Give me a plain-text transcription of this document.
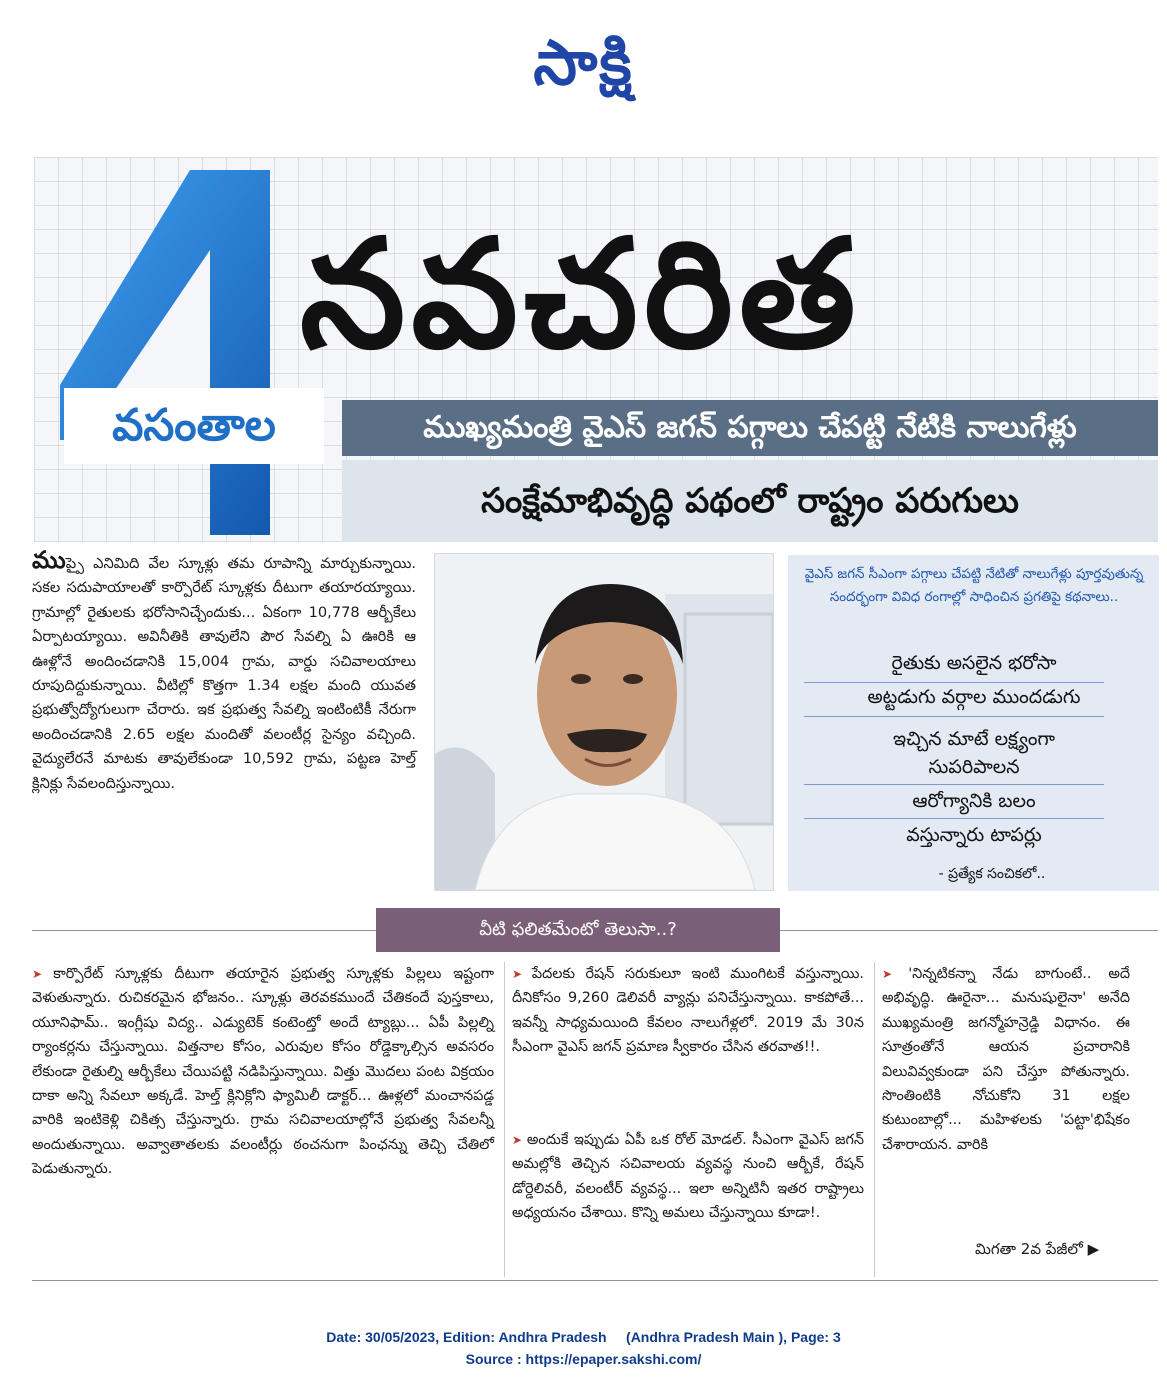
సాక్షి
వసంతాల
నవచరిత
ముఖ్యమంత్రి వైఎస్ జగన్ పగ్గాలు చేపట్టి నేటికి నాలుగేళ్లు
సంక్షేమాభివృద్ధి పథంలో రాష్ట్రం పరుగులు
ముప్పై ఎనిమిది వేల స్కూళ్లు తమ రూపాన్ని మార్చుకున్నాయి. సకల సదుపాయాలతో కార్పొరేట్ స్కూళ్లకు దీటుగా తయారయ్యాయి. గ్రామాల్లో రైతులకు భరోసానిచ్చేందుకు... ఏకంగా 10,778 ఆర్బీకేలు ఏర్పాటయ్యాయి. అవినీతికి తావులేని పౌర సేవల్ని ఏ ఊరికి ఆ ఊళ్లోనే అందించడానికి 15,004 గ్రామ, వార్డు సచివాలయాలు రూపుదిద్దుకున్నాయి. వీటిల్లో కొత్తగా 1.34 లక్షల మంది యువత ప్రభుత్వోద్యోగులుగా చేరారు. ఇక ప్రభుత్వ సేవల్ని ఇంటింటికీ నేరుగా అందించడానికి 2.65 లక్షల మందితో వలంటీర్ల సైన్యం వచ్చింది. వైద్యులేరనే మాటకు తావులేకుండా 10,592 గ్రామ, పట్టణ హెల్త్ క్లినిక్లు సేవలందిస్తున్నాయి.
వైఎస్ జగన్ సీఎంగా పగ్గాలు చేపట్టి నేటితో నాలుగేళ్లు పూర్తవుతున్న సందర్భంగా వివిధ రంగాల్లో సాధించిన ప్రగతిపై కథనాలు..
రైతుకు అసలైన భరోసా
అట్టడుగు వర్గాల ముందడుగు
ఇచ్చిన మాటే లక్ష్యంగా
సుపరిపాలన
ఆరోగ్యానికి బలం
వస్తున్నారు టాపర్లు
- ప్రత్యేక సంచికలో..
వీటి ఫలితమేంటో తెలుసా..?
➤ కార్పొరేట్ స్కూళ్లకు దీటుగా తయారైన ప్రభుత్వ స్కూళ్లకు పిల్లలు ఇష్టంగా వెళుతున్నారు. రుచికరమైన భోజనం.. స్కూళ్లు తెరవకముందే చేతికందే పుస్తకాలు, యూనిఫామ్.. ఇంగ్లీషు విద్య.. ఎడ్యుటెక్ కంటెంట్తో అందే ట్యాబ్లు... ఏపీ పిల్లల్ని ర్యాంకర్లను చేస్తున్నాయి. విత్తనాల కోసం, ఎరువుల కోసం రోడ్డెక్కాల్సిన అవసరం లేకుండా రైతుల్ని ఆర్బీకేలు చేయిపట్టి నడిపిస్తున్నాయి. విత్తు మొదలు పంట విక్రయం దాకా అన్ని సేవలూ అక్కడే. హెల్త్ క్లినిక్లోని ఫ్యామిలీ డాక్టర్... ఊళ్లలో మంచానపడ్డ వారికి ఇంటికెళ్లి చికిత్స చేస్తున్నారు. గ్రామ సచివాలయాల్లోనే ప్రభుత్వ సేవలన్నీ అందుతున్నాయి. అవ్వాతాతలకు వలంటీర్లు ఠంచనుగా పింఛన్ను తెచ్చి చేతిలో పెడుతున్నారు.
➤ పేదలకు రేషన్ సరుకులూ ఇంటి ముంగిటకే వస్తున్నాయి. దీనికోసం 9,260 డెలివరీ వ్యాన్లు పనిచేస్తున్నాయి. కాకపోతే... ఇవన్నీ సాధ్యమయింది కేవలం నాలుగేళ్లలో. 2019 మే 30న సీఎంగా వైఎస్ జగన్ ప్రమాణ స్వీకారం చేసిన తరవాత!!.
➤ అందుకే ఇప్పుడు ఏపీ ఒక రోల్ మోడల్. సీఎంగా వైఎస్ జగన్ అమల్లోకి తెచ్చిన సచివాలయ వ్యవస్థ నుంచి ఆర్బీకే, రేషన్ డోర్డెలివరీ, వలంటీర్ వ్యవస్థ... ఇలా అన్నిటినీ ఇతర రాష్ట్రాలు అధ్యయనం చేశాయి. కొన్ని అమలు చేస్తున్నాయి కూడా!.
➤ 'నిన్నటికన్నా నేడు బాగుంటే.. అదే అభివృద్ధి. ఊరైనా... మనుషులైనా' అనేది ముఖ్యమంత్రి జగన్మోహన్రెడ్డి విధానం. ఈ సూత్రంతోనే ఆయన ప్రచారానికి విలువివ్వకుండా పని చేస్తూ పోతున్నారు. సొంతింటికి నోచుకోని 31 లక్షల కుటుంబాల్లో... మహిళలకు 'పట్టా'భిషేకం చేశారాయన. వారికి
మిగతా 2వ పేజీలో ▶
Date: 30/05/2023, Edition: Andhra Pradesh     (Andhra Pradesh Main ), Page: 3
Source : https://epaper.sakshi.com/
